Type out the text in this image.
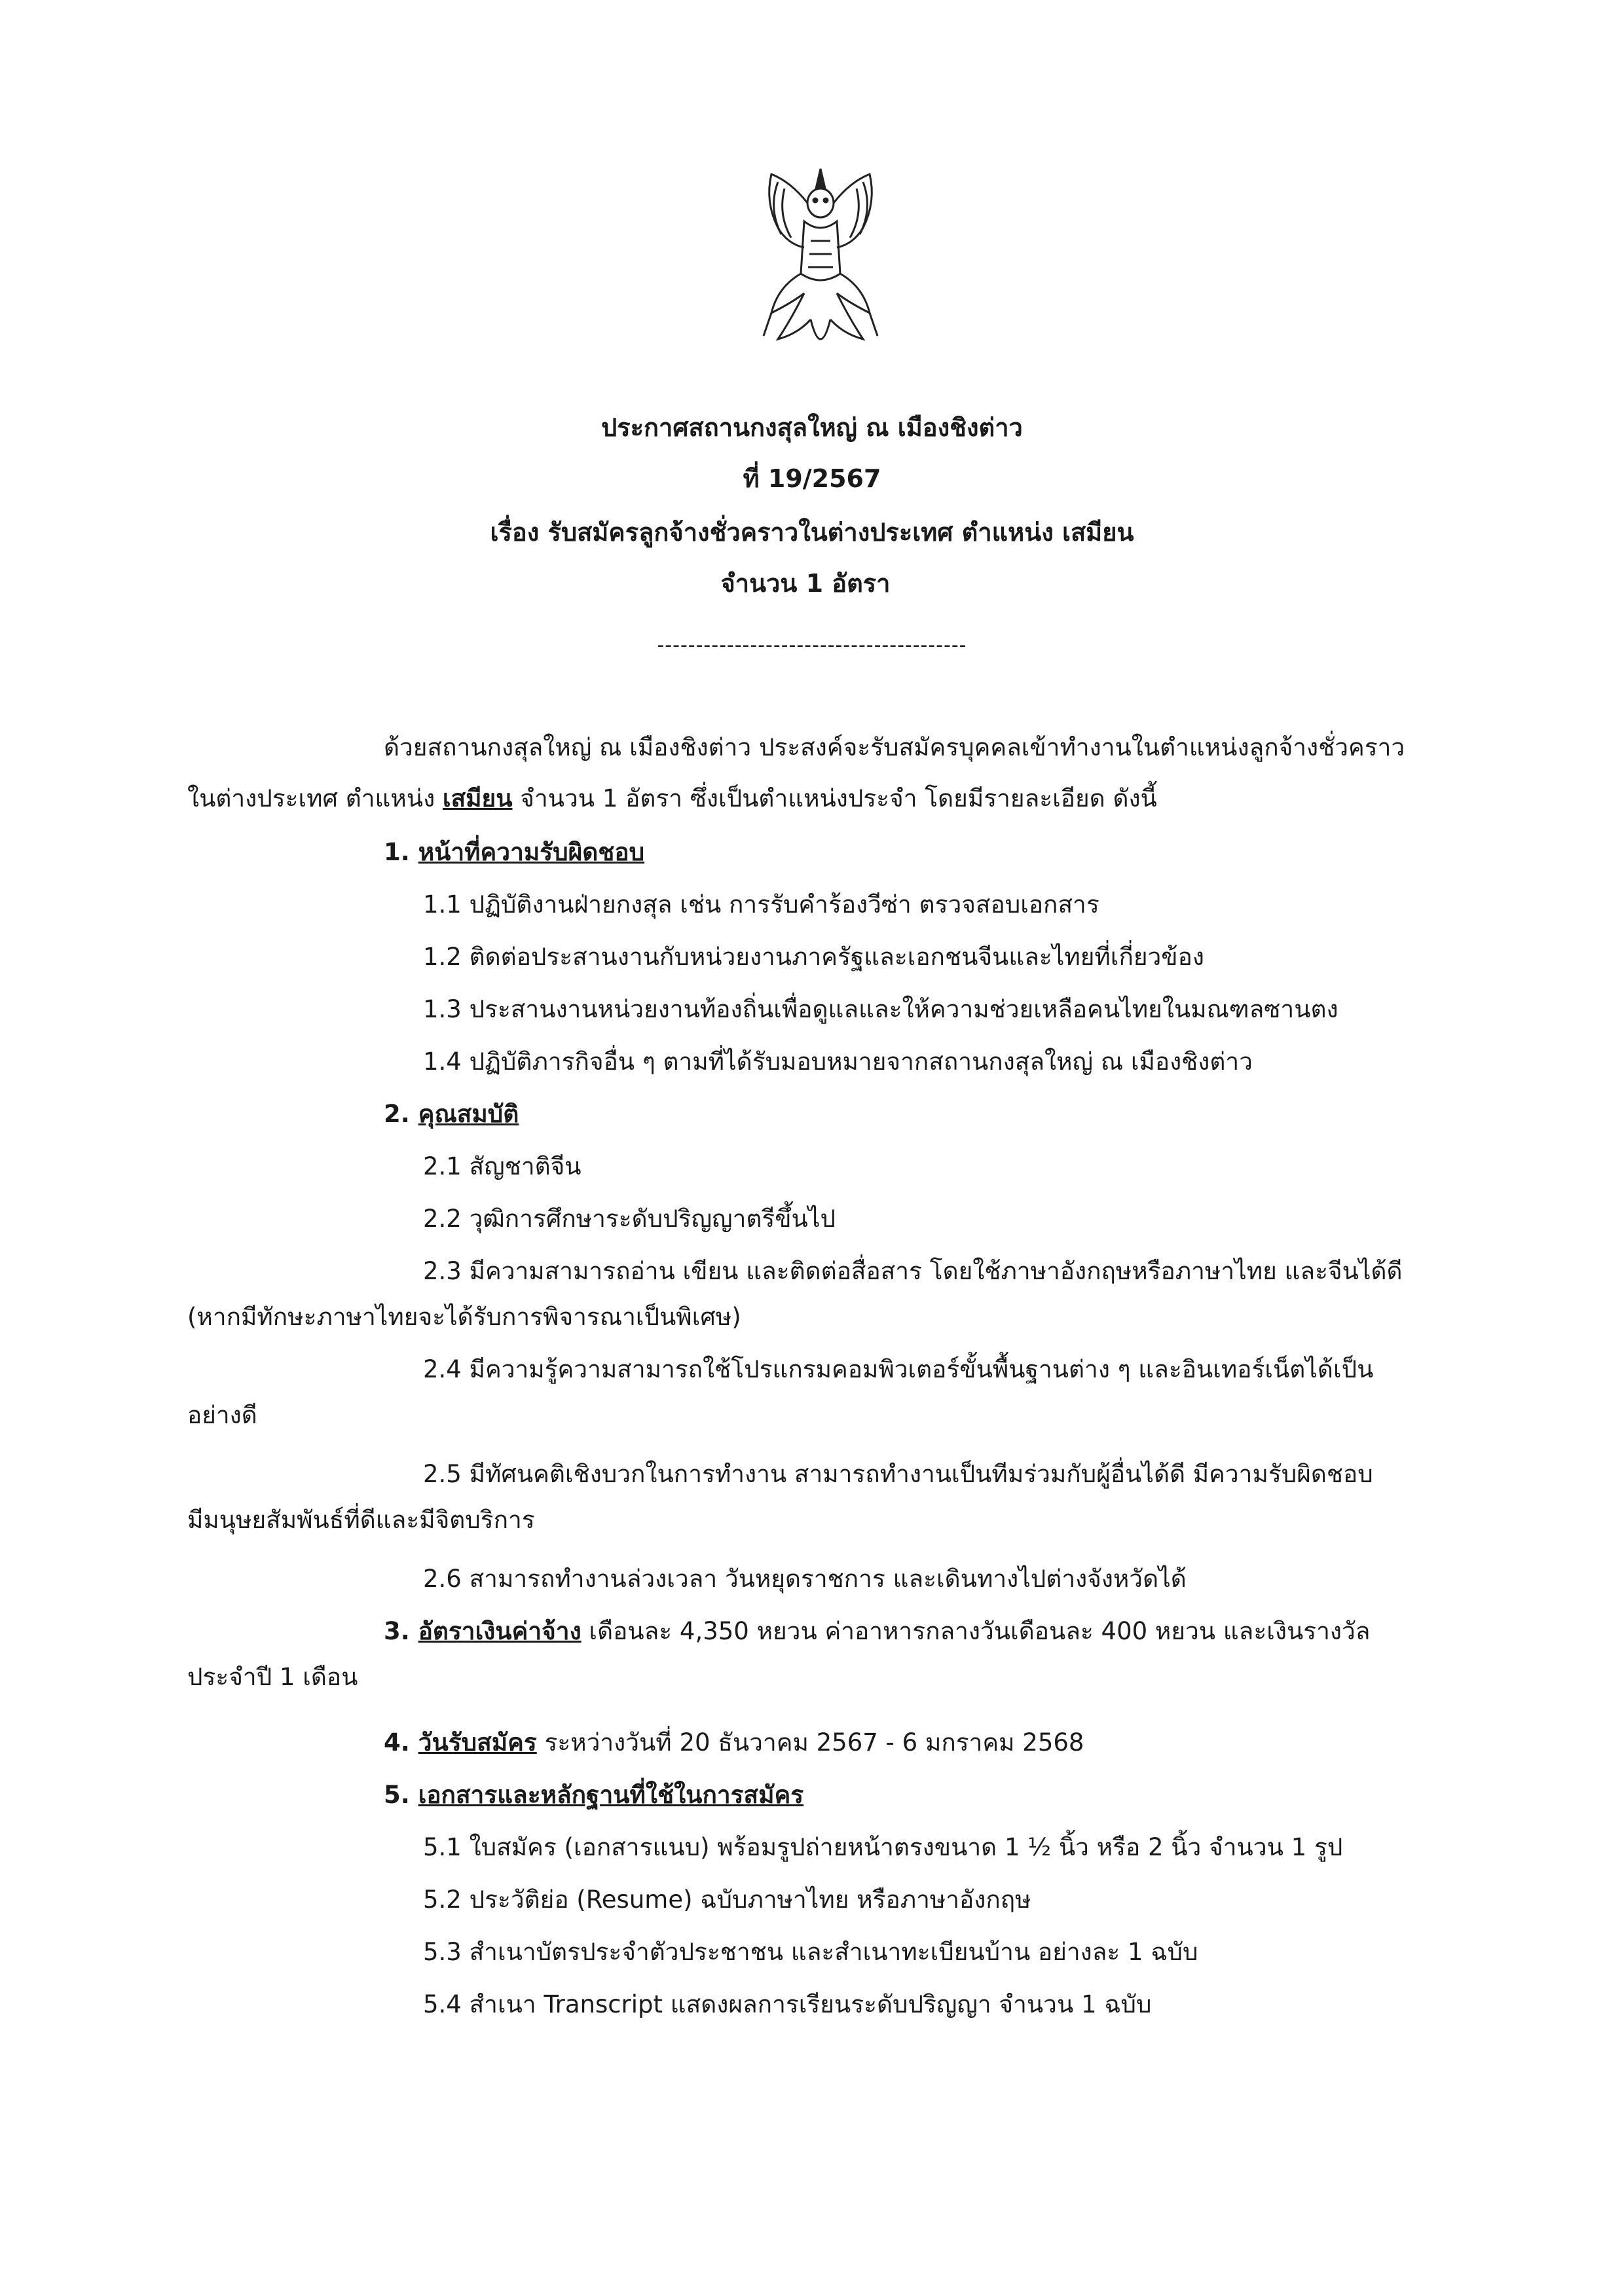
ประกาศสถานกงสุลใหญ่ ณ เมืองชิงต่าว
ที่ 19/2567
เรื่อง รับสมัครลูกจ้างชั่วคราวในต่างประเทศ ตำแหน่ง เสมียน
จำนวน 1 อัตรา
----------------------------------------
ด้วยสถานกงสุลใหญ่ ณ เมืองชิงต่าว ประสงค์จะรับสมัครบุคคลเข้าทำงานในตำแหน่งลูกจ้างชั่วคราว
ในต่างประเทศ ตำแหน่ง เสมียน จำนวน 1 อัตรา ซึ่งเป็นตำแหน่งประจำ โดยมีรายละเอียด ดังนี้
1. หน้าที่ความรับผิดชอบ
1.1 ปฏิบัติงานฝ่ายกงสุล เช่น การรับคำร้องวีซ่า ตรวจสอบเอกสาร
1.2 ติดต่อประสานงานกับหน่วยงานภาครัฐและเอกชนจีนและไทยที่เกี่ยวข้อง
1.3 ประสานงานหน่วยงานท้องถิ่นเพื่อดูแลและให้ความช่วยเหลือคนไทยในมณฑลซานตง
1.4 ปฏิบัติภารกิจอื่น ๆ ตามที่ได้รับมอบหมายจากสถานกงสุลใหญ่ ณ เมืองชิงต่าว
2. คุณสมบัติ
2.1 สัญชาติจีน
2.2 วุฒิการศึกษาระดับปริญญาตรีขึ้นไป
2.3 มีความสามารถอ่าน เขียน และติดต่อสื่อสาร โดยใช้ภาษาอังกฤษหรือภาษาไทย และจีนได้ดี
(หากมีทักษะภาษาไทยจะได้รับการพิจารณาเป็นพิเศษ)
2.4 มีความรู้ความสามารถใช้โปรแกรมคอมพิวเตอร์ขั้นพื้นฐานต่าง ๆ และอินเทอร์เน็ตได้เป็น
อย่างดี
2.5 มีทัศนคติเชิงบวกในการทำงาน สามารถทำงานเป็นทีมร่วมกับผู้อื่นได้ดี มีความรับผิดชอบ
มีมนุษยสัมพันธ์ที่ดีและมีจิตบริการ
2.6 สามารถทำงานล่วงเวลา วันหยุดราชการ และเดินทางไปต่างจังหวัดได้
3. อัตราเงินค่าจ้าง เดือนละ 4,350 หยวน ค่าอาหารกลางวันเดือนละ 400 หยวน และเงินรางวัล
ประจำปี 1 เดือน
4. วันรับสมัคร ระหว่างวันที่ 20 ธันวาคม 2567 - 6 มกราคม 2568
5. เอกสารและหลักฐานที่ใช้ในการสมัคร
5.1 ใบสมัคร (เอกสารแนบ) พร้อมรูปถ่ายหน้าตรงขนาด 1 ½ นิ้ว หรือ 2 นิ้ว จำนวน 1 รูป
5.2 ประวัติย่อ (Resume) ฉบับภาษาไทย หรือภาษาอังกฤษ
5.3 สำเนาบัตรประจำตัวประชาชน และสำเนาทะเบียนบ้าน อย่างละ 1 ฉบับ
5.4 สำเนา Transcript แสดงผลการเรียนระดับปริญญา จำนวน 1 ฉบับ
